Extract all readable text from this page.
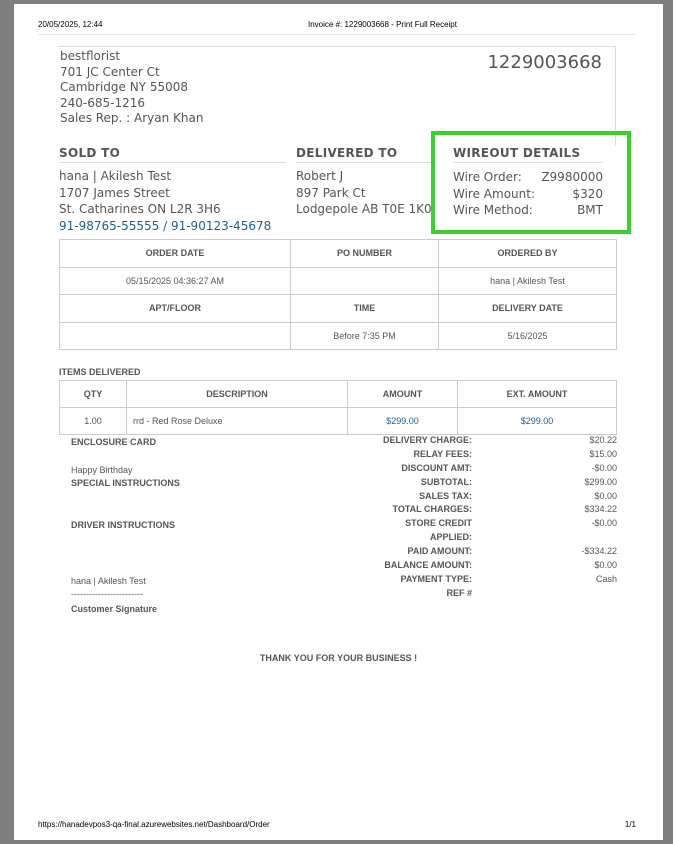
20/05/2025, 12:44	Invoice #: 1229003668 - Print Full Receipt
bestflorist
701 JC Center Ct
Cambridge NY 55008
240-685-1216
Sales Rep. : Aryan Khan
1229003668
SOLD TO
hana | Akilesh Test
1707 James Street
St. Catharines ON L2R 3H6
91-98765-55555 / 91-90123-45678
DELIVERED TO
Robert J
897 Park Ct
Lodgepole AB T0E 1K0
WIREOUT DETAILS
Wire Order: Z9980000
Wire Amount:	$320
Wire Method:	BMT
ORDER DATE	PO NUMBER	ORDERED BY
05/15/2025 04:36:27 AM		hana | Akilesh Test
APT/FLOOR	TIME	DELIVERY DATE
	Before 7:35 PM	5/16/2025
ITEMS DELIVERED
QTY	DESCRIPTION	AMOUNT	EXT. AMOUNT
1.00	rrd - Red Rose Deluxe	$299.00	$299.00
ENCLOSURE CARD
Happy Birthday
SPECIAL INSTRUCTIONS
DRIVER INSTRUCTIONS
hana | Akilesh Test
------------------------
Customer Signature
DELIVERY CHARGE:	$20.22
RELAY FEES:	$15.00
DISCOUNT AMT:	-$0.00
SUBTOTAL:	$299.00
SALES TAX:	$0.00
TOTAL CHARGES:	$334.22
STORE CREDIT	-$0.00
APPLIED:
PAID AMOUNT:	-$334.22
BALANCE AMOUNT:	$0.00
PAYMENT TYPE:	Cash
REF #
THANK YOU FOR YOUR BUSINESS !
https://hanadevpos3-qa-final.azurewebsites.net/Dashboard/Order	1/1
